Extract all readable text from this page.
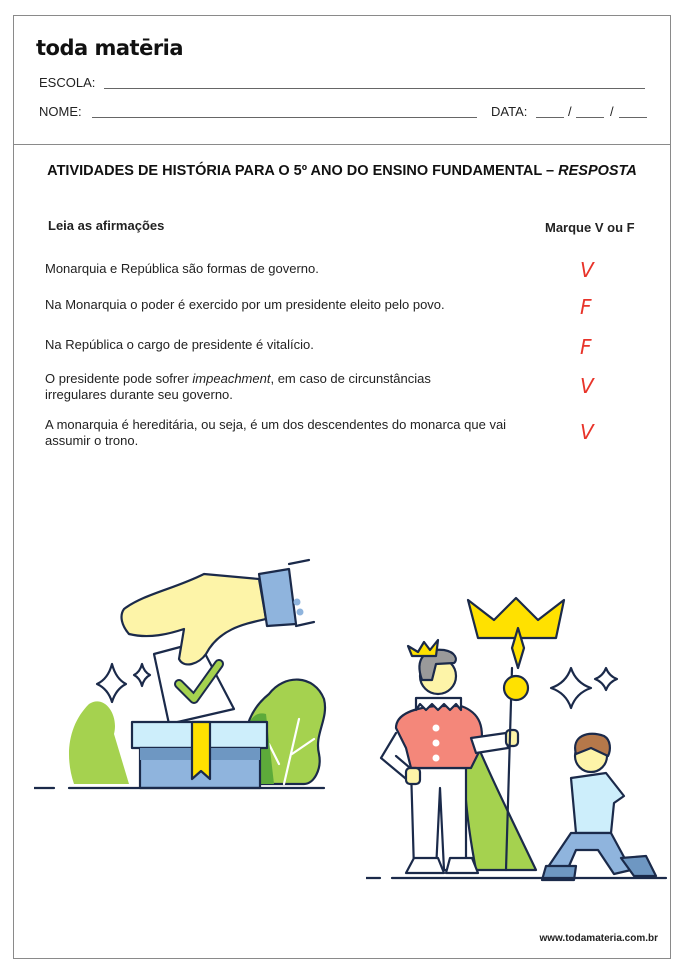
toda matēria
ESCOLA:
NOME:	DATA:	/	/
ATIVIDADES DE HISTÓRIA PARA O 5º ANO DO ENSINO FUNDAMENTAL – RESPOSTA
Leia as afirmações	Marque V ou F
Monarquia e República são formas de governo.	V
Na Monarquia o poder é exercido por um presidente eleito pelo povo.	F
Na República o cargo de presidente é vitalício.	F
O presidente pode sofrer impeachment, em caso de circunstâncias irregulares durante seu governo.	V
A monarquia é hereditária, ou seja, é um dos descendentes do monarca que vai assumir o trono.	V
www.todamateria.com.br
